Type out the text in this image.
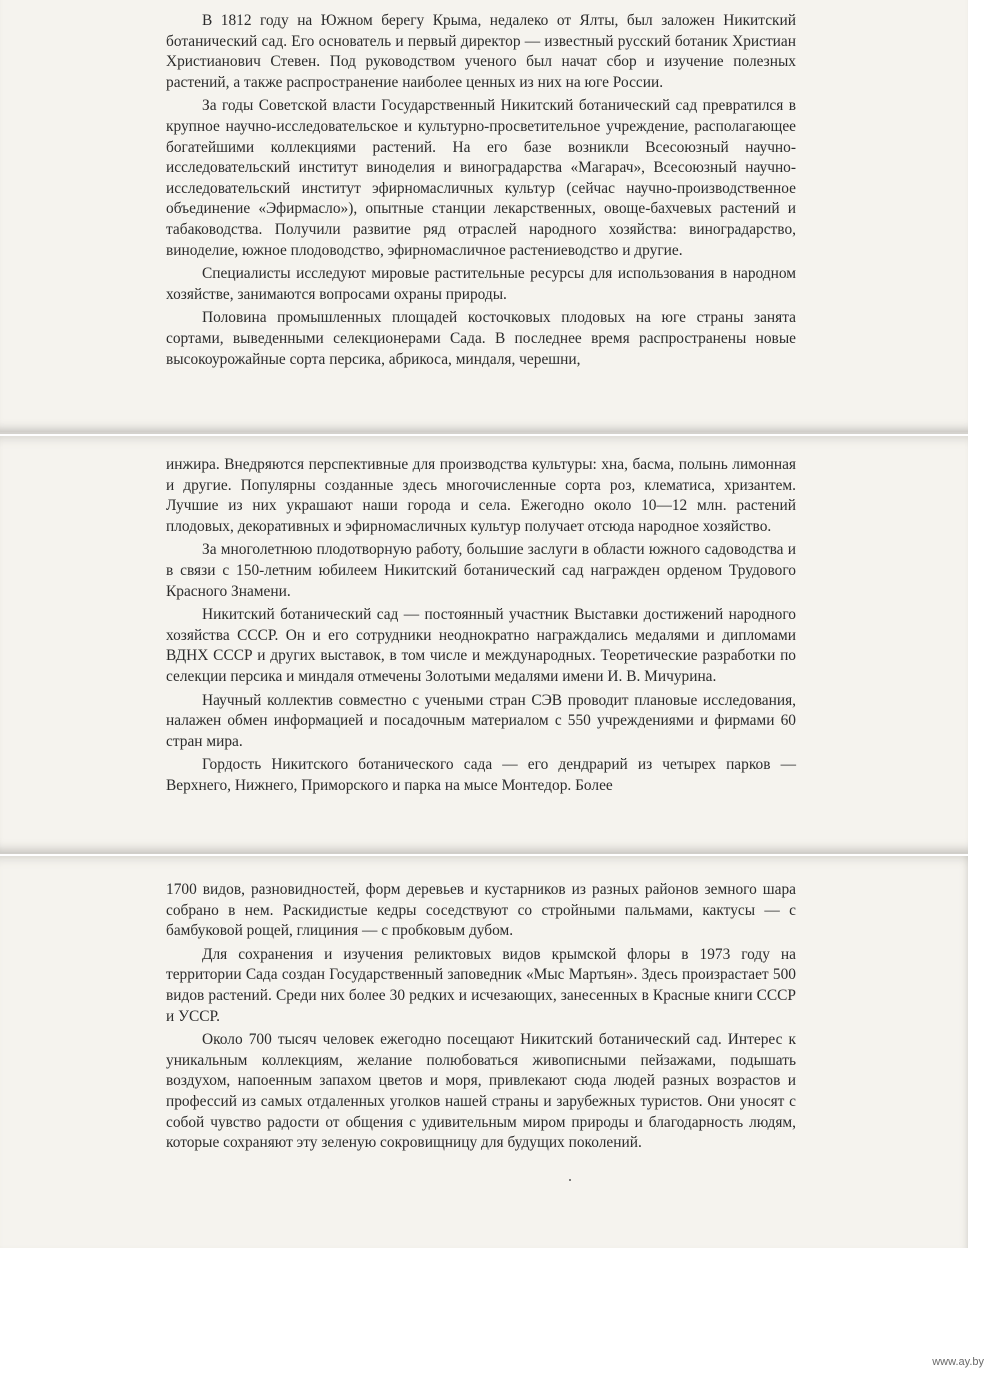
В 1812 году на Южном берегу Крыма, недалеко от Ялты, был заложен Никитский ботанический сад. Его основатель и первый директор — известный русский ботаник Христиан Христианович Стевен. Под руководством ученого был начат сбор и изучение полезных растений, а также распространение наиболее ценных из них на юге России.

За годы Советской власти Государственный Никитский ботанический сад превратился в крупное научно-исследовательское и культурно-просветительное учреждение, располагающее богатейшими коллекциями растений. На его базе возникли Всесоюзный научно-исследовательский институт виноделия и виноградарства «Магарач», Всесоюзный научно-исследовательский институт эфирномасличных культур (сейчас научно-производственное объединение «Эфирмасло»), опытные станции лекарственных, овоще-бахчевых растений и табаководства. Получили развитие ряд отраслей народного хозяйства: виноградарство, виноделие, южное плодоводство, эфирномасличное растениеводство и другие.

Специалисты исследуют мировые растительные ресурсы для использования в народном хозяйстве, занимаются вопросами охраны природы.

Половина промышленных площадей косточковых плодовых на юге страны занята сортами, выведенными селекционерами Сада. В последнее время распространены новые высокоурожайные сорта персика, абрикоса, миндаля, черешни,

инжира. Внедряются перспективные для производства культуры: хна, басма, полынь лимонная и другие. Популярны созданные здесь многочисленные сорта роз, клематиса, хризантем. Лучшие из них украшают наши города и села. Ежегодно около 10—12 млн. растений плодовых, декоративных и эфирномасличных культур получает отсюда народное хозяйство.

За многолетнюю плодотворную работу, большие заслуги в области южного садоводства и в связи с 150-летним юбилеем Никитский ботанический сад награжден орденом Трудового Красного Знамени.

Никитский ботанический сад — постоянный участник Выставки достижений народного хозяйства СССР. Он и его сотрудники неоднократно награждались медалями и дипломами ВДНХ СССР и других выставок, в том числе и международных. Теоретические разработки по селекции персика и миндаля отмечены Золотыми медалями имени И. В. Мичурина.

Научный коллектив совместно с учеными стран СЭВ проводит плановые исследования, налажен обмен информацией и посадочным материалом с 550 учреждениями и фирмами 60 стран мира.

Гордость Никитского ботанического сада — его дендрарий из четырех парков — Верхнего, Нижнего, Приморского и парка на мысе Монтедор. Более

1700 видов, разновидностей, форм деревьев и кустарников из разных районов земного шара собрано в нем. Раскидистые кедры соседствуют со стройными пальмами, кактусы — с бамбуковой рощей, глициния — с пробковым дубом.

Для сохранения и изучения реликтовых видов крымской флоры в 1973 году на территории Сада создан Государственный заповедник «Мыс Мартьян». Здесь произрастает 500 видов растений. Среди них более 30 редких и исчезающих, занесенных в Красные книги СССР и УССР.

Около 700 тысяч человек ежегодно посещают Никитский ботанический сад. Интерес к уникальным коллекциям, желание полюбоваться живописными пейзажами, подышать воздухом, напоенным запахом цветов и моря, привлекают сюда людей разных возрастов и профессий из самых отдаленных уголков нашей страны и зарубежных туристов. Они уносят с собой чувство радости от общения с удивительным миром природы и благодарность людям, которые сохраняют эту зеленую сокровищницу для будущих поколений.

www.ay.by
